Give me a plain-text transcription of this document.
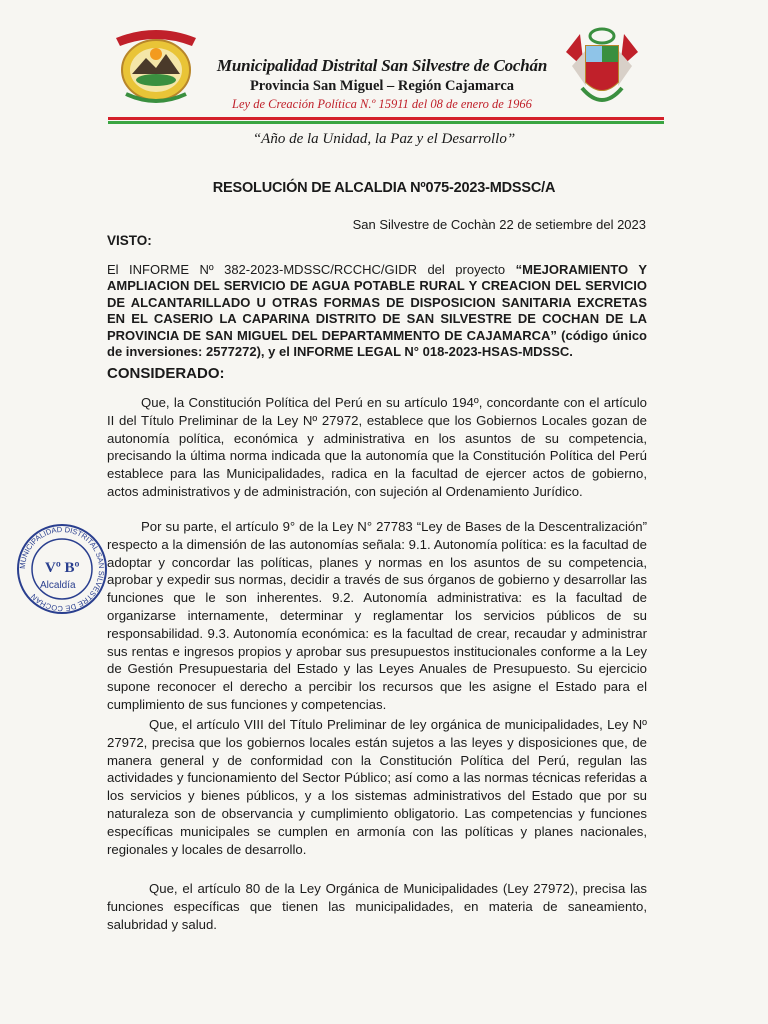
Municipalidad Distrital San Silvestre de Cochán
Provincia San Miguel – Región Cajamarca
Ley de Creación Política N.º 15911 del 08 de enero de 1966
“Año de la Unidad, la Paz y el Desarrollo”
RESOLUCIÓN DE ALCALDIA Nº075-2023-MDSSC/A
San Silvestre de Cochàn 22 de setiembre del 2023
VISTO:
El INFORME Nº 382-2023-MDSSC/RCCHC/GIDR del proyecto “MEJORAMIENTO Y AMPLIACION DEL SERVICIO DE AGUA POTABLE RURAL Y CREACION DEL SERVICIO DE ALCANTARILLADO U OTRAS FORMAS DE DISPOSICION SANITARIA EXCRETAS EN EL CASERIO LA CAPARINA DISTRITO DE SAN SILVESTRE DE COCHAN DE LA PROVINCIA DE SAN MIGUEL DEL DEPARTAMMENTO DE CAJAMARCA” (código único de inversiones: 2577272), y el INFORME LEGAL N° 018-2023-HSAS-MDSSC.
CONSIDERADO:
Que, la Constitución Política del Perú en su artículo 194º, concordante con el artículo II del Título Preliminar de la Ley Nº 27972, establece que los Gobiernos Locales gozan de autonomía política, económica y administrativa en los asuntos de su competencia, precisando la última norma indicada que la autonomía que la Constitución Política del Perú establece para las Municipalidades, radica en la facultad de ejercer actos de gobierno, actos administrativos y de administración, con sujeción al Ordenamiento Jurídico.
Por su parte, el artículo 9° de la Ley N° 27783 “Ley de Bases de la Descentralización” respecto a la dimensión de las autonomías señala: 9.1. Autonomía política: es la facultad de adoptar y concordar las políticas, planes y normas en los asuntos de su competencia, aprobar y expedir sus normas, decidir a través de sus órganos de gobierno y desarrollar las funciones que le son inherentes. 9.2. Autonomía administrativa: es la facultad de organizarse internamente, determinar y reglamentar los servicios públicos de su responsabilidad. 9.3. Autonomía económica: es la facultad de crear, recaudar y administrar sus rentas e ingresos propios y aprobar sus presupuestos institucionales conforme a la Ley de Gestión Presupuestaria del Estado y las Leyes Anuales de Presupuesto. Su ejercicio supone reconocer el derecho a percibir los recursos que les asigne el Estado para el cumplimiento de sus funciones y competencias.
Que, el artículo VIII del Título Preliminar de ley orgánica de municipalidades, Ley Nº 27972, precisa que los gobiernos locales están sujetos a las leyes y disposiciones que, de manera general y de conformidad con la Constitución Política del Perú, regulan las actividades y funcionamiento del Sector Público; así como a las normas técnicas referidas a los servicios y bienes públicos, y a los sistemas administrativos del Estado que por su naturaleza son de observancia y cumplimiento obligatorio. Las competencias y funciones específicas municipales se cumplen en armonía con las políticas y planes nacionales, regionales y locales de desarrollo.
Que, el artículo 80 de la Ley Orgánica de Municipalidades (Ley 27972), precisa las funciones específicas que tienen las municipalidades, en materia de saneamiento, salubridad y salud.
MUNICIPALIDAD DISTRITAL SAN SILVESTRE DE COCHAN
Vº Bº
Alcaldía
